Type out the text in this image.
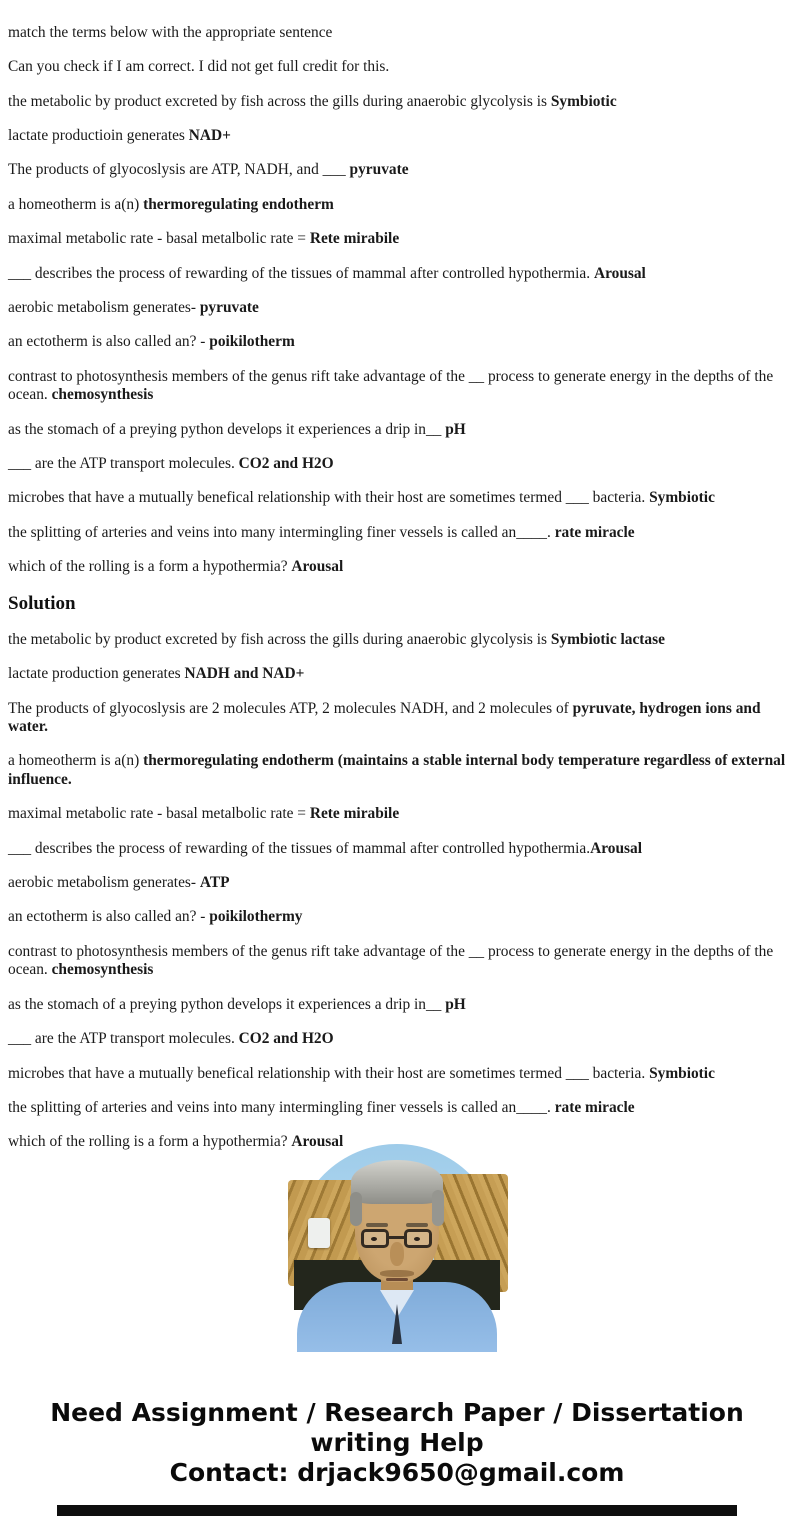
match the terms below with the appropriate sentence

Can you check if I am correct. I did not get full credit for this.

the metabolic by product excreted by fish across the gills during anaerobic glycolysis is Symbiotic

lactate productioin generates NAD+

The products of glyocoslysis are ATP, NADH, and ___ pyruvate

a homeotherm is a(n) thermoregulating endotherm

maximal metabolic rate - basal metalbolic rate = Rete mirabile

___ describes the process of rewarding of the tissues of mammal after controlled hypothermia. Arousal

aerobic metabolism generates- pyruvate

an ectotherm is also called an? - poikilotherm

contrast to photosynthesis members of the genus rift take advantage of the __ process to generate energy in the depths of the ocean. chemosynthesis

as the stomach of a preying python develops it experiences a drip in__ pH

___ are the ATP transport molecules. CO2 and H2O

microbes that have a mutually benefical relationship with their host are sometimes termed ___ bacteria. Symbiotic

the splitting of arteries and veins into many intermingling finer vessels is called an____. rate miracle

which of the rolling is a form a hypothermia? Arousal

Solution

the metabolic by product excreted by fish across the gills during anaerobic glycolysis is Symbiotic lactase

lactate production generates NADH and NAD+

The products of glyocoslysis are 2 molecules ATP, 2 molecules NADH, and 2 molecules of pyruvate, hydrogen ions and water.

a homeotherm is a(n) thermoregulating endotherm (maintains a stable internal body temperature regardless of external influence.

maximal metabolic rate - basal metalbolic rate = Rete mirabile

___ describes the process of rewarding of the tissues of mammal after controlled hypothermia.Arousal

aerobic metabolism generates- ATP

an ectotherm is also called an? - poikilothermy

contrast to photosynthesis members of the genus rift take advantage of the __ process to generate energy in the depths of the ocean. chemosynthesis

as the stomach of a preying python develops it experiences a drip in__ pH

___ are the ATP transport molecules. CO2 and H2O

microbes that have a mutually benefical relationship with their host are sometimes termed ___ bacteria. Symbiotic

the splitting of arteries and veins into many intermingling finer vessels is called an____. rate miracle

which of the rolling is a form a hypothermia? Arousal

Need Assignment / Research Paper / Dissertation
writing Help
Contact: drjack9650@gmail.com
